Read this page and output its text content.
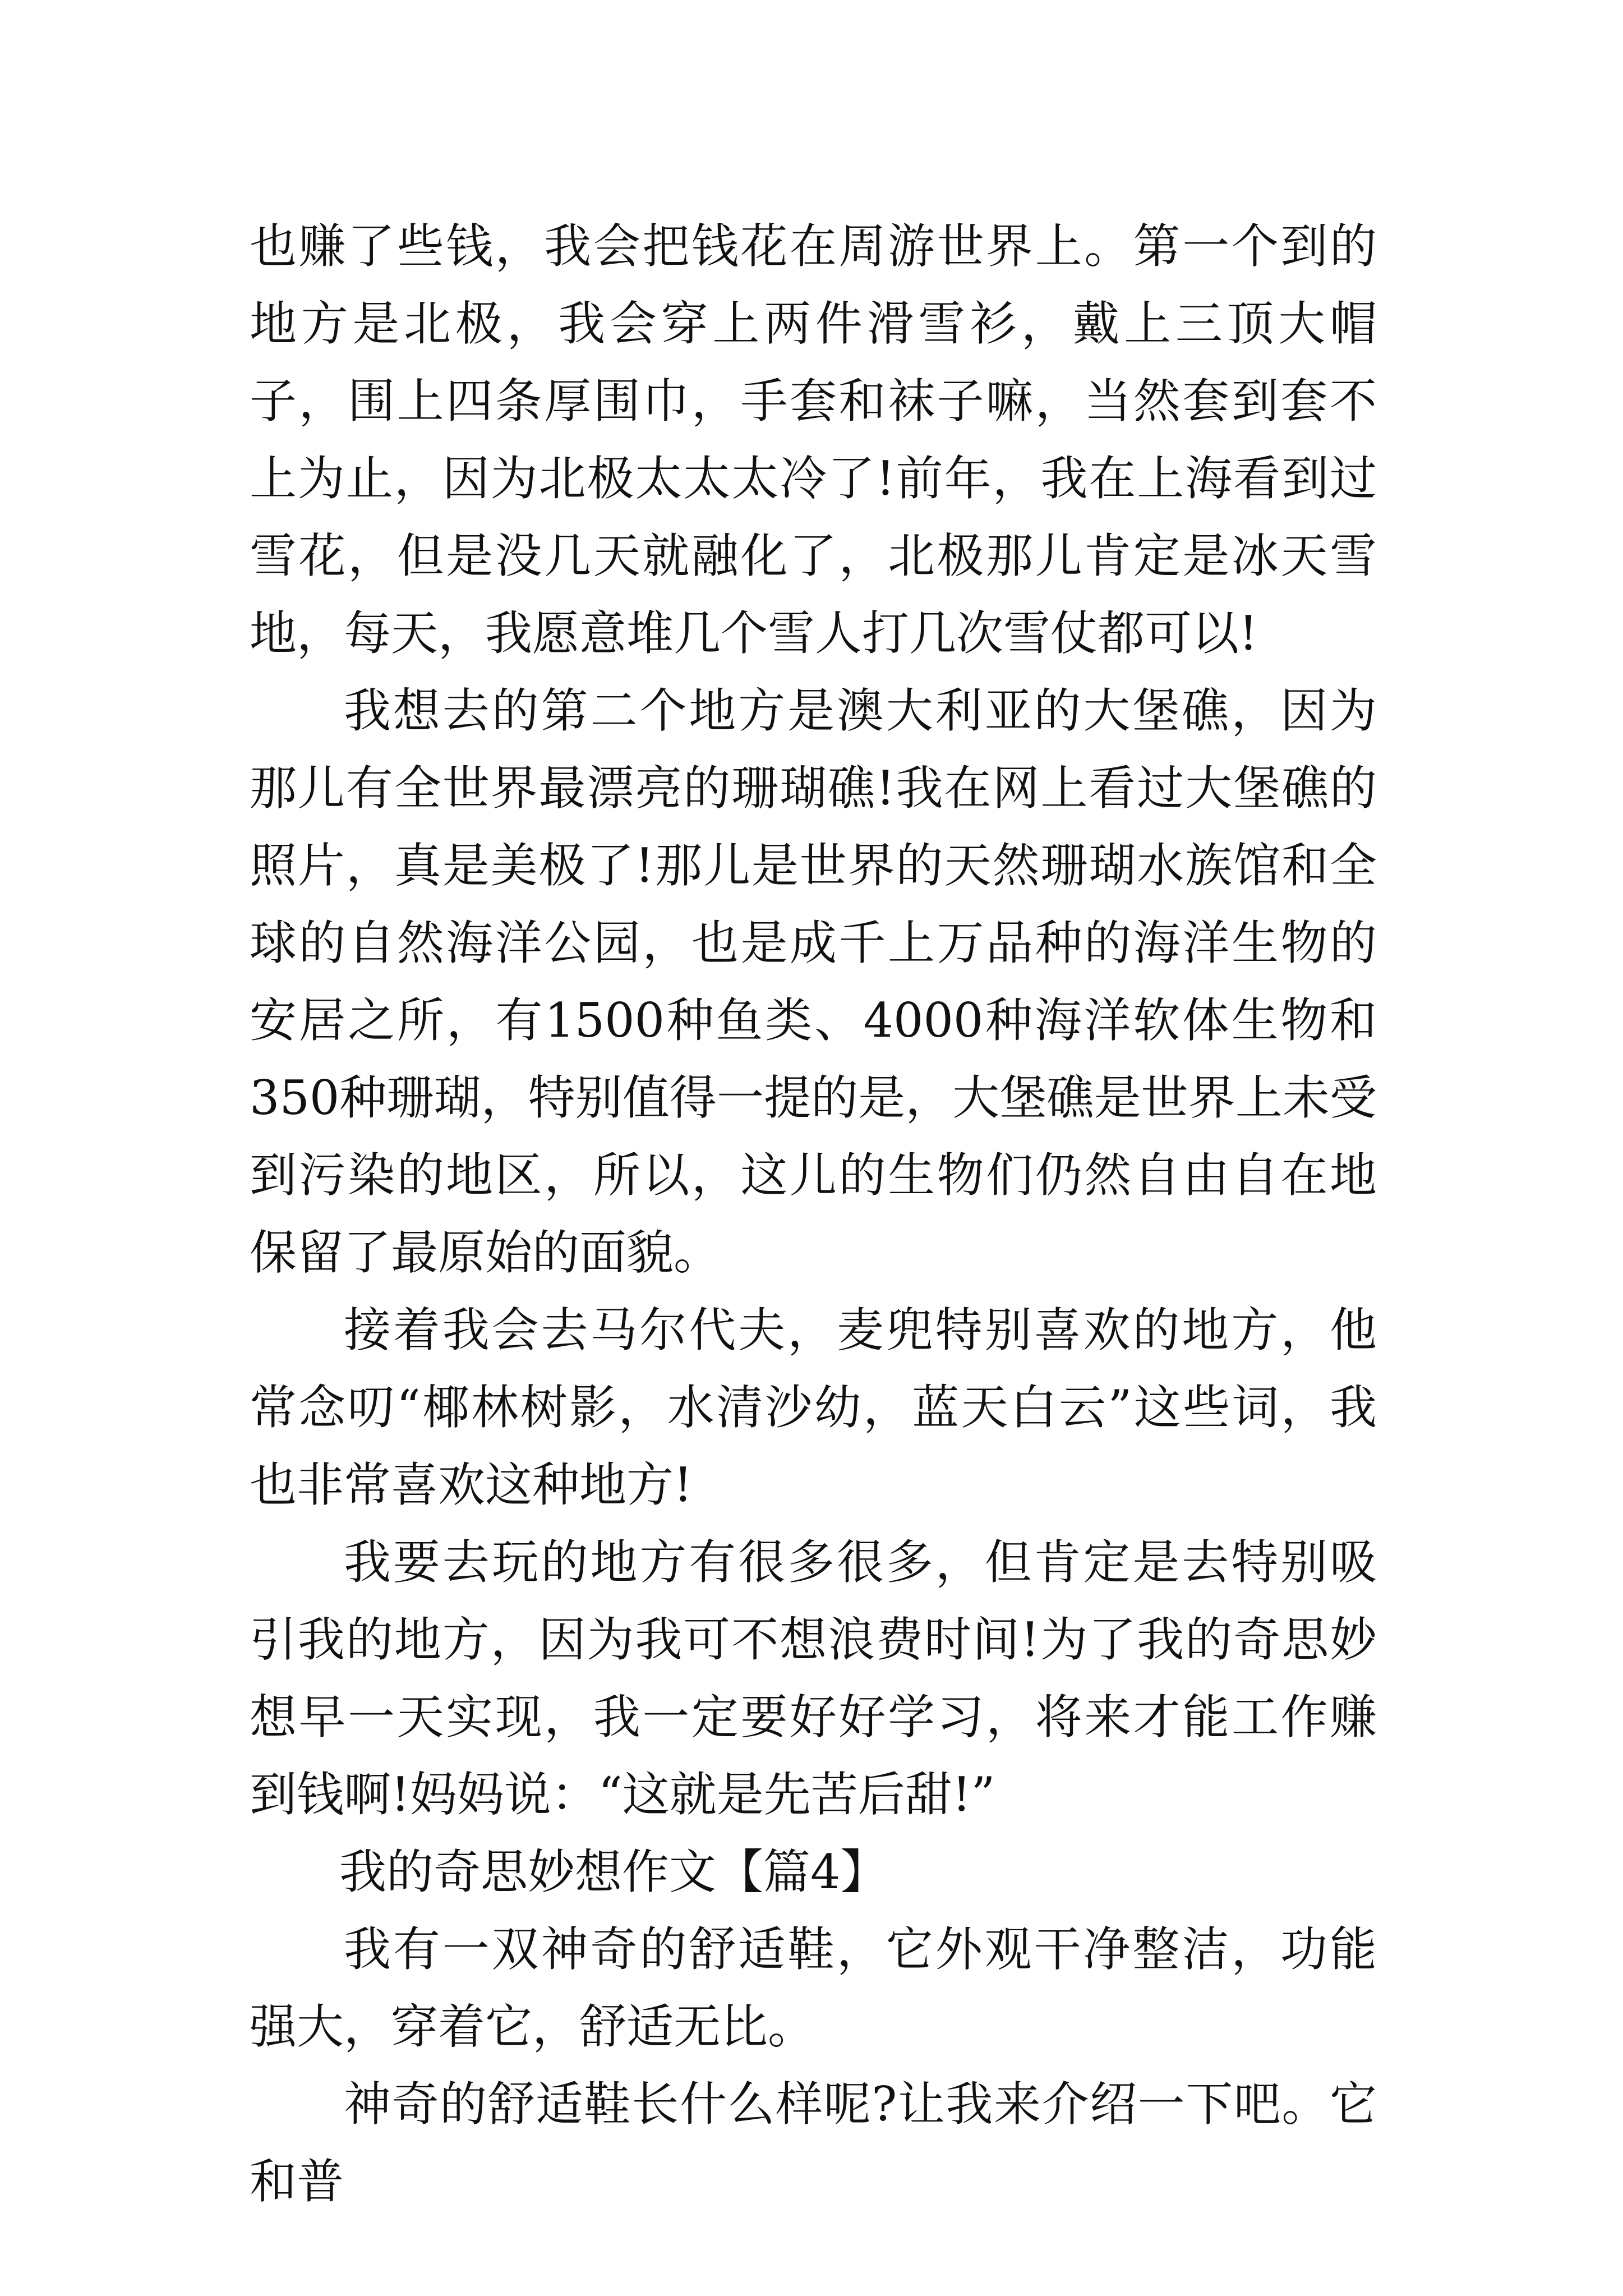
也赚了些钱，我会把钱花在周游世界上。第一个到的地方是北极，我会穿上两件滑雪衫，戴上三顶大帽子，围上四条厚围巾，手套和袜子嘛，当然套到套不上为止，因为北极太太太冷了!前年，我在上海看到过雪花，但是没几天就融化了，北极那儿肯定是冰天雪地，每天，我愿意堆几个雪人打几次雪仗都可以!

我想去的第二个地方是澳大利亚的大堡礁，因为那儿有全世界最漂亮的珊瑚礁!我在网上看过大堡礁的照片，真是美极了!那儿是世界的天然珊瑚水族馆和全球的自然海洋公园，也是成千上万品种的海洋生物的安居之所，有1500种鱼类、4000种海洋软体生物和350种珊瑚，特别值得一提的是，大堡礁是世界上未受到污染的地区，所以，这儿的生物们仍然自由自在地保留了最原始的面貌。

接着我会去马尔代夫，麦兜特别喜欢的地方，他常念叨“椰林树影，水清沙幼，蓝天白云”这些词，我也非常喜欢这种地方!

我要去玩的地方有很多很多，但肯定是去特别吸引我的地方，因为我可不想浪费时间!为了我的奇思妙想早一天实现，我一定要好好学习，将来才能工作赚到钱啊!妈妈说：“这就是先苦后甜!”

我的奇思妙想作文【篇4】

我有一双神奇的舒适鞋，它外观干净整洁，功能强大，穿着它，舒适无比。

神奇的舒适鞋长什么样呢?让我来介绍一下吧。它和普
